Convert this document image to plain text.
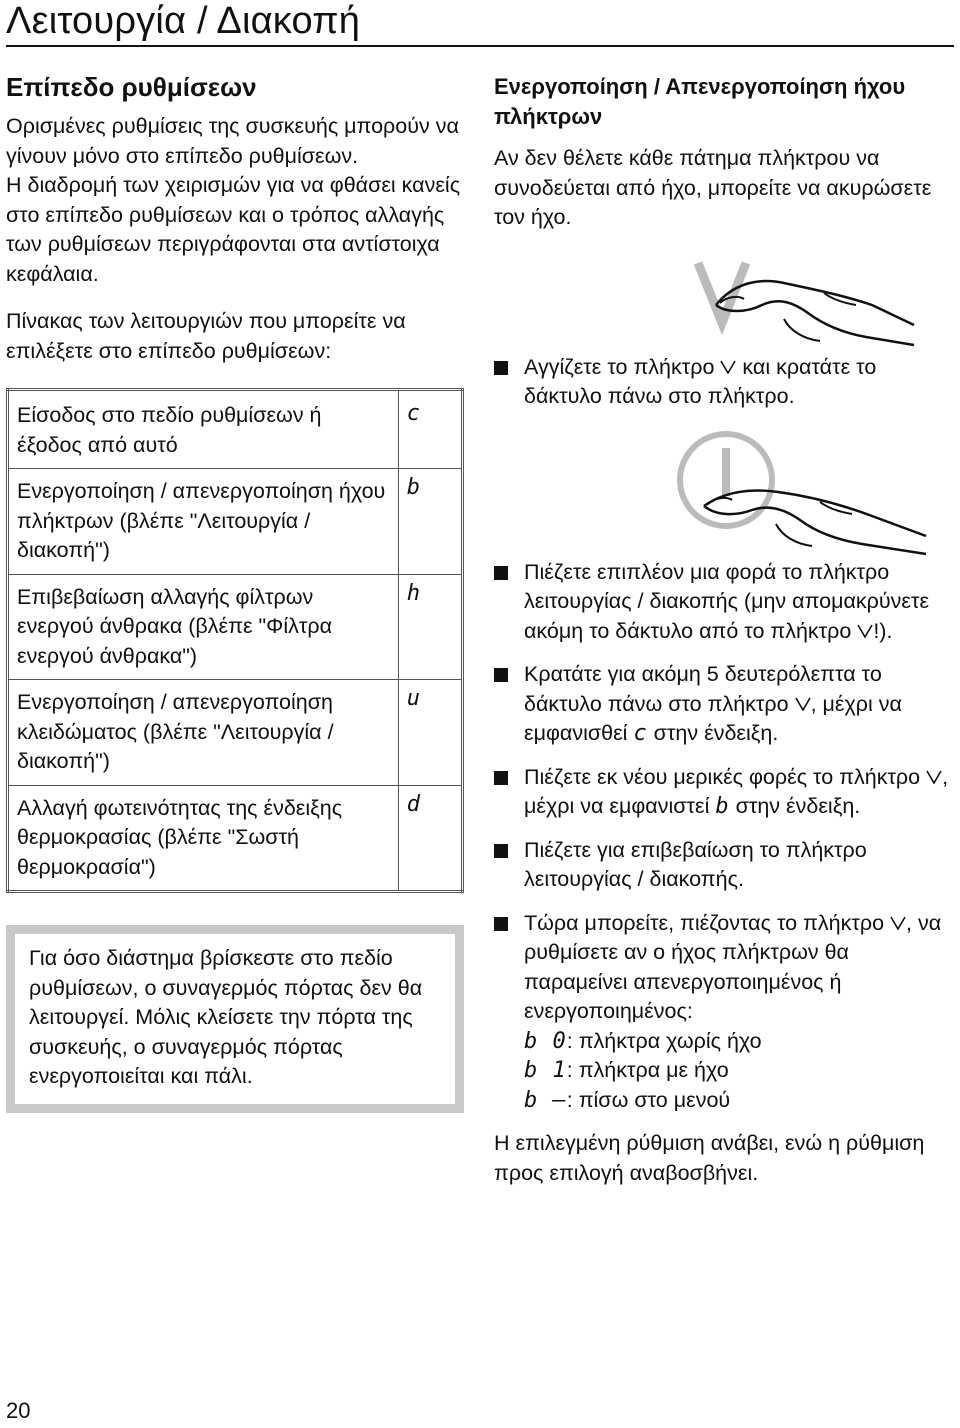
Λειτουργία / Διακοπή
Επίπεδο ρυθμίσεων

Ορισμένες ρυθμίσεις της συσκευής μπορούν να γίνουν μόνο στο επίπεδο ρυθμίσεων.

Η διαδρομή των χειρισμών για να φθάσει κανείς στο επίπεδο ρυθμίσεων και ο τρόπος αλλαγής των ρυθμίσεων περιγράφονται στα αντίστοιχα κεφάλαια.

Πίνακας των λειτουργιών που μπορείτε να επιλέξετε στο επίπεδο ρυθμίσεων:

Είσοδος στο πεδίο ρυθμίσεων ή έξοδος από αυτό	c
Ενεργοποίηση / απενεργοποίηση ήχου πλήκτρων (βλέπε "Λειτουργία / διακοπή")	b
Επιβεβαίωση αλλαγής φίλτρων ενεργού άνθρακα (βλέπε "Φίλτρα ενεργού άνθρακα")	h
Ενεργοποίηση / απενεργοποίηση κλειδώματος (βλέπε "Λειτουργία / διακοπή")	u
Αλλαγή φωτεινότητας της ένδειξης θερμοκρασίας (βλέπε "Σωστή θερμοκρασία")	d
Για όσο διάστημα βρίσκεστε στο πεδίο ρυθμίσεων, ο συναγερμός πόρτας δεν θα λειτουργεί. Μόλις κλείσετε την πόρτα της συσκευής, ο συναγερμός πόρτας ενεργοποιείται και πάλι.
Ενεργοποίηση / Απενεργοποίηση ήχου πλήκτρων

Αν δεν θέλετε κάθε πάτημα πλήκτρου να συνοδεύεται από ήχο, μπορείτε να ακυρώσετε τον ήχο.

Αγγίζετε το πλήκτρο  και κρατάτε το δάκτυλο πάνω στο πλήκτρο.
Πιέζετε επιπλέον μια φορά το πλήκτρο λειτουργίας / διακοπής (μην απομακρύνετε ακόμη το δάκτυλο από το πλήκτρο !).
Κρατάτε για ακόμη 5 δευτερόλεπτα το δάκτυλο πάνω στο πλήκτρο , μέχρι να εμφανισθεί c στην ένδειξη.
Πιέζετε εκ νέου μερικές φορές το πλήκτρο , μέχρι να εμφανιστεί b στην ένδειξη.
Πιέζετε για επιβεβαίωση το πλήκτρο λειτουργίας / διακοπής.
Τώρα μπορείτε, πιέζοντας το πλήκτρο , να ρυθμίσετε αν ο ήχος πλήκτρων θα παραμείνει απενεργοποιημένος ή ενεργοποιημένος:
b 0: πλήκτρα χωρίς ήχο
b 1: πλήκτρα με ήχο
b –: πίσω στο μενού

Η επιλεγμένη ρύθμιση ανάβει, ενώ η ρύθμιση προς επιλογή αναβοσβήνει.

20
